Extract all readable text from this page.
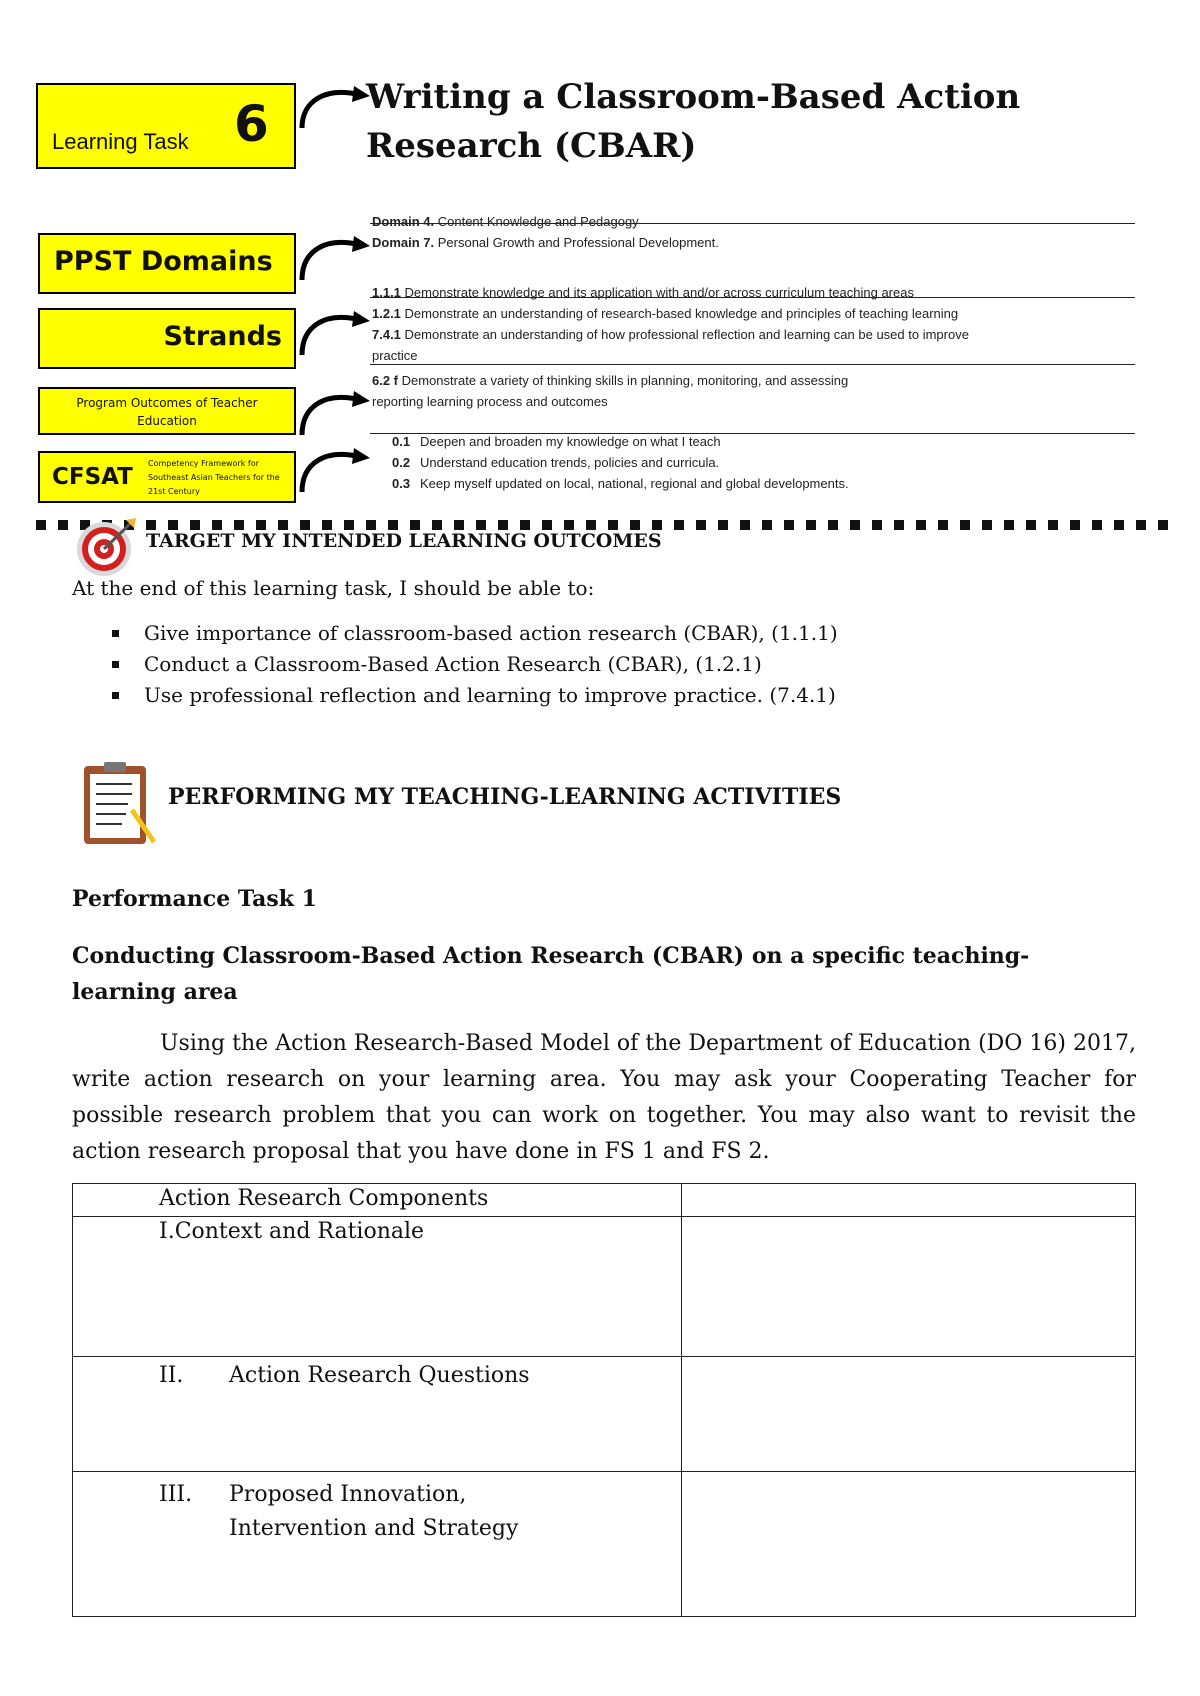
Learning Task 6	Writing a Classroom-Based Action
Research (CBAR)
PPST Domains
Strands
Program Outcomes of Teacher Education
CFSAT
Competency Framework for Southeast Asian Teachers for the 21st Century
Domain 4. Content Knowledge and Pedagogy
Domain 7. Personal Growth and Professional Development.
1.1.1 Demonstrate knowledge and its application with and/or across curriculum teaching areas
1.2.1 Demonstrate an understanding of research-based knowledge and principles of teaching learning
7.4.1 Demonstrate an understanding of how professional reflection and learning can be used to improve
practice
6.2 f Demonstrate a variety of thinking skills in planning, monitoring, and assessing
reporting learning process and outcomes
0.1 Deepen and broaden my knowledge on what I teach
0.2 Understand education trends, policies and curricula.
0.3 Keep myself updated on local, national, regional and global developments.
TARGET MY INTENDED LEARNING OUTCOMES
At the end of this learning task, I should be able to:
Give importance of classroom-based action research (CBAR), (1.1.1)
Conduct a Classroom-Based Action Research (CBAR), (1.2.1)
Use professional reflection and learning to improve practice. (7.4.1)
PERFORMING MY TEACHING-LEARNING ACTIVITIES
Performance Task 1
Conducting Classroom-Based Action Research (CBAR) on a specific teaching-
learning area
Using the Action Research-Based Model of the Department of Education (DO 16) 2017, write action research on your learning area. You may ask your Cooperating Teacher for possible research problem that you can work on together. You may also want to revisit the action research proposal that you have done in FS 1 and FS 2.
Action Research Components	
I.Context and Rationale	
II. Action Research Questions	
III. Proposed Innovation,
Intervention and Strategy	
